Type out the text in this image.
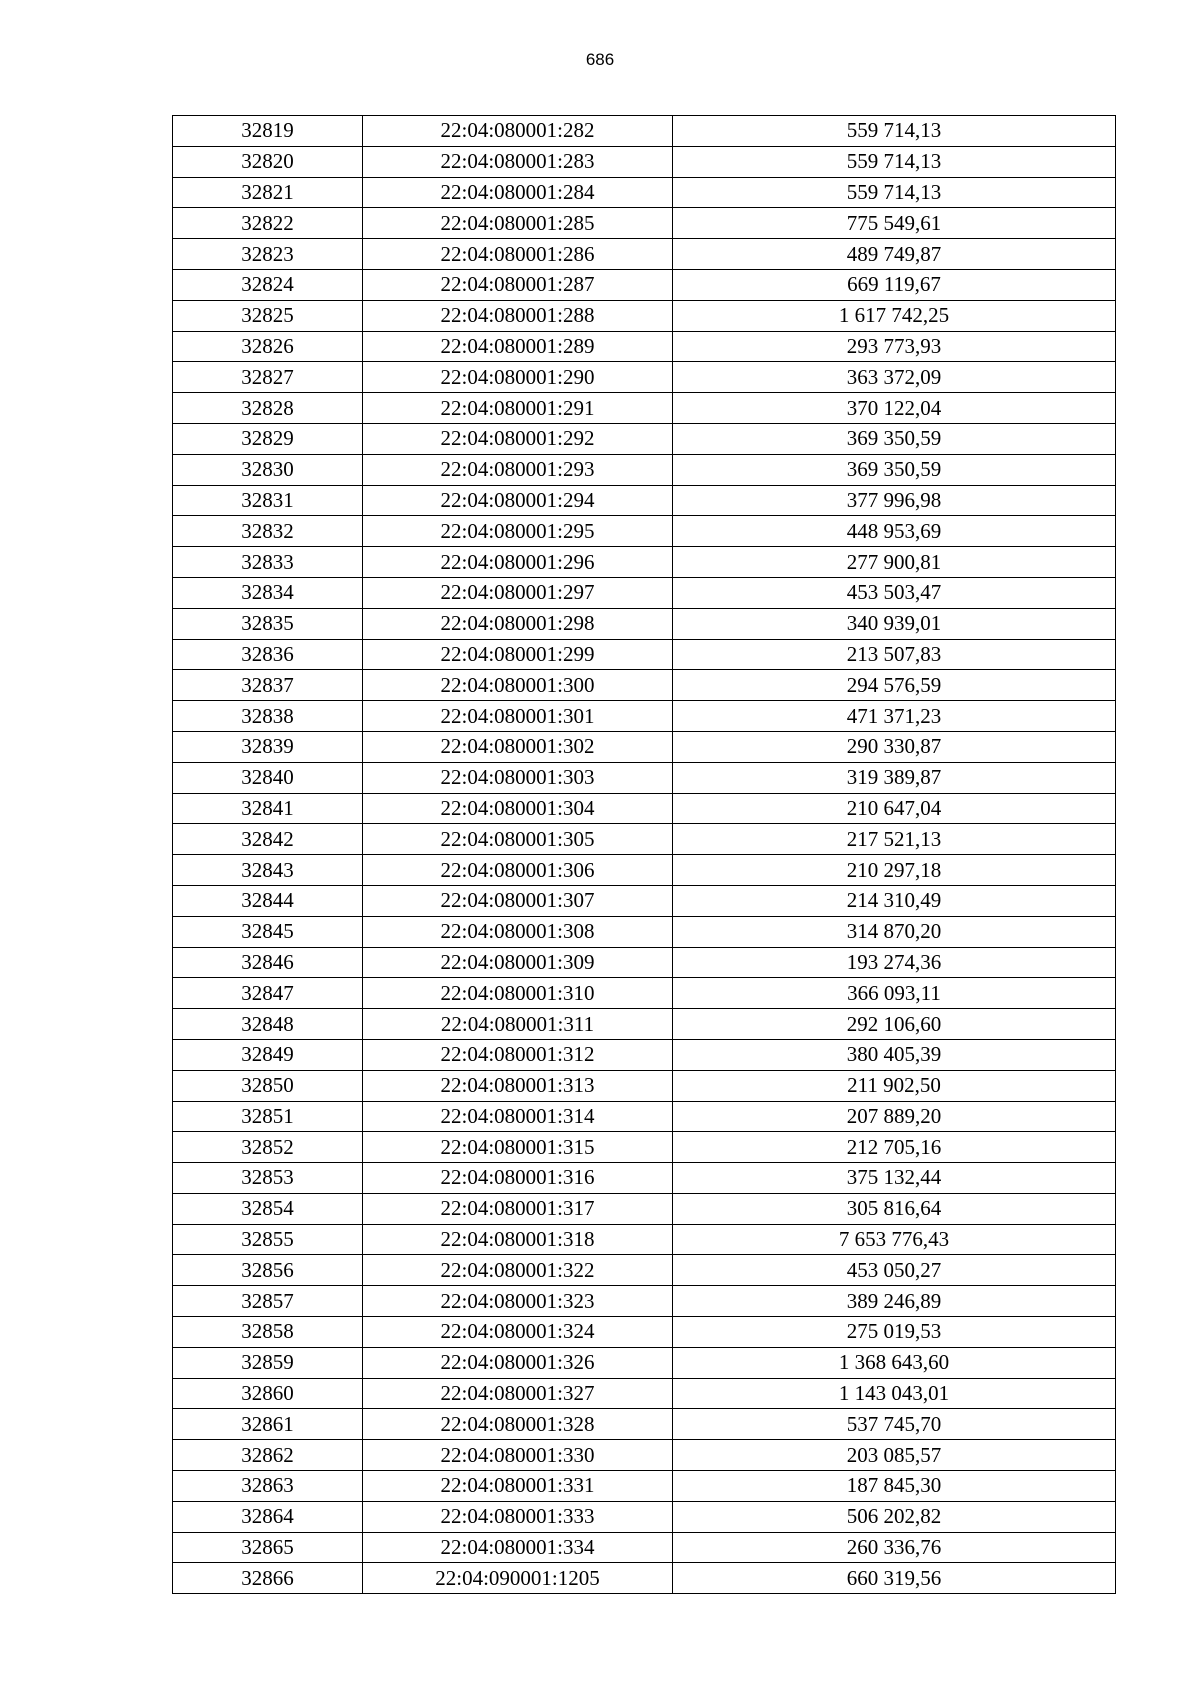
686
32819	22:04:080001:282	559 714,13
32820	22:04:080001:283	559 714,13
32821	22:04:080001:284	559 714,13
32822	22:04:080001:285	775 549,61
32823	22:04:080001:286	489 749,87
32824	22:04:080001:287	669 119,67
32825	22:04:080001:288	1 617 742,25
32826	22:04:080001:289	293 773,93
32827	22:04:080001:290	363 372,09
32828	22:04:080001:291	370 122,04
32829	22:04:080001:292	369 350,59
32830	22:04:080001:293	369 350,59
32831	22:04:080001:294	377 996,98
32832	22:04:080001:295	448 953,69
32833	22:04:080001:296	277 900,81
32834	22:04:080001:297	453 503,47
32835	22:04:080001:298	340 939,01
32836	22:04:080001:299	213 507,83
32837	22:04:080001:300	294 576,59
32838	22:04:080001:301	471 371,23
32839	22:04:080001:302	290 330,87
32840	22:04:080001:303	319 389,87
32841	22:04:080001:304	210 647,04
32842	22:04:080001:305	217 521,13
32843	22:04:080001:306	210 297,18
32844	22:04:080001:307	214 310,49
32845	22:04:080001:308	314 870,20
32846	22:04:080001:309	193 274,36
32847	22:04:080001:310	366 093,11
32848	22:04:080001:311	292 106,60
32849	22:04:080001:312	380 405,39
32850	22:04:080001:313	211 902,50
32851	22:04:080001:314	207 889,20
32852	22:04:080001:315	212 705,16
32853	22:04:080001:316	375 132,44
32854	22:04:080001:317	305 816,64
32855	22:04:080001:318	7 653 776,43
32856	22:04:080001:322	453 050,27
32857	22:04:080001:323	389 246,89
32858	22:04:080001:324	275 019,53
32859	22:04:080001:326	1 368 643,60
32860	22:04:080001:327	1 143 043,01
32861	22:04:080001:328	537 745,70
32862	22:04:080001:330	203 085,57
32863	22:04:080001:331	187 845,30
32864	22:04:080001:333	506 202,82
32865	22:04:080001:334	260 336,76
32866	22:04:090001:1205	660 319,56
